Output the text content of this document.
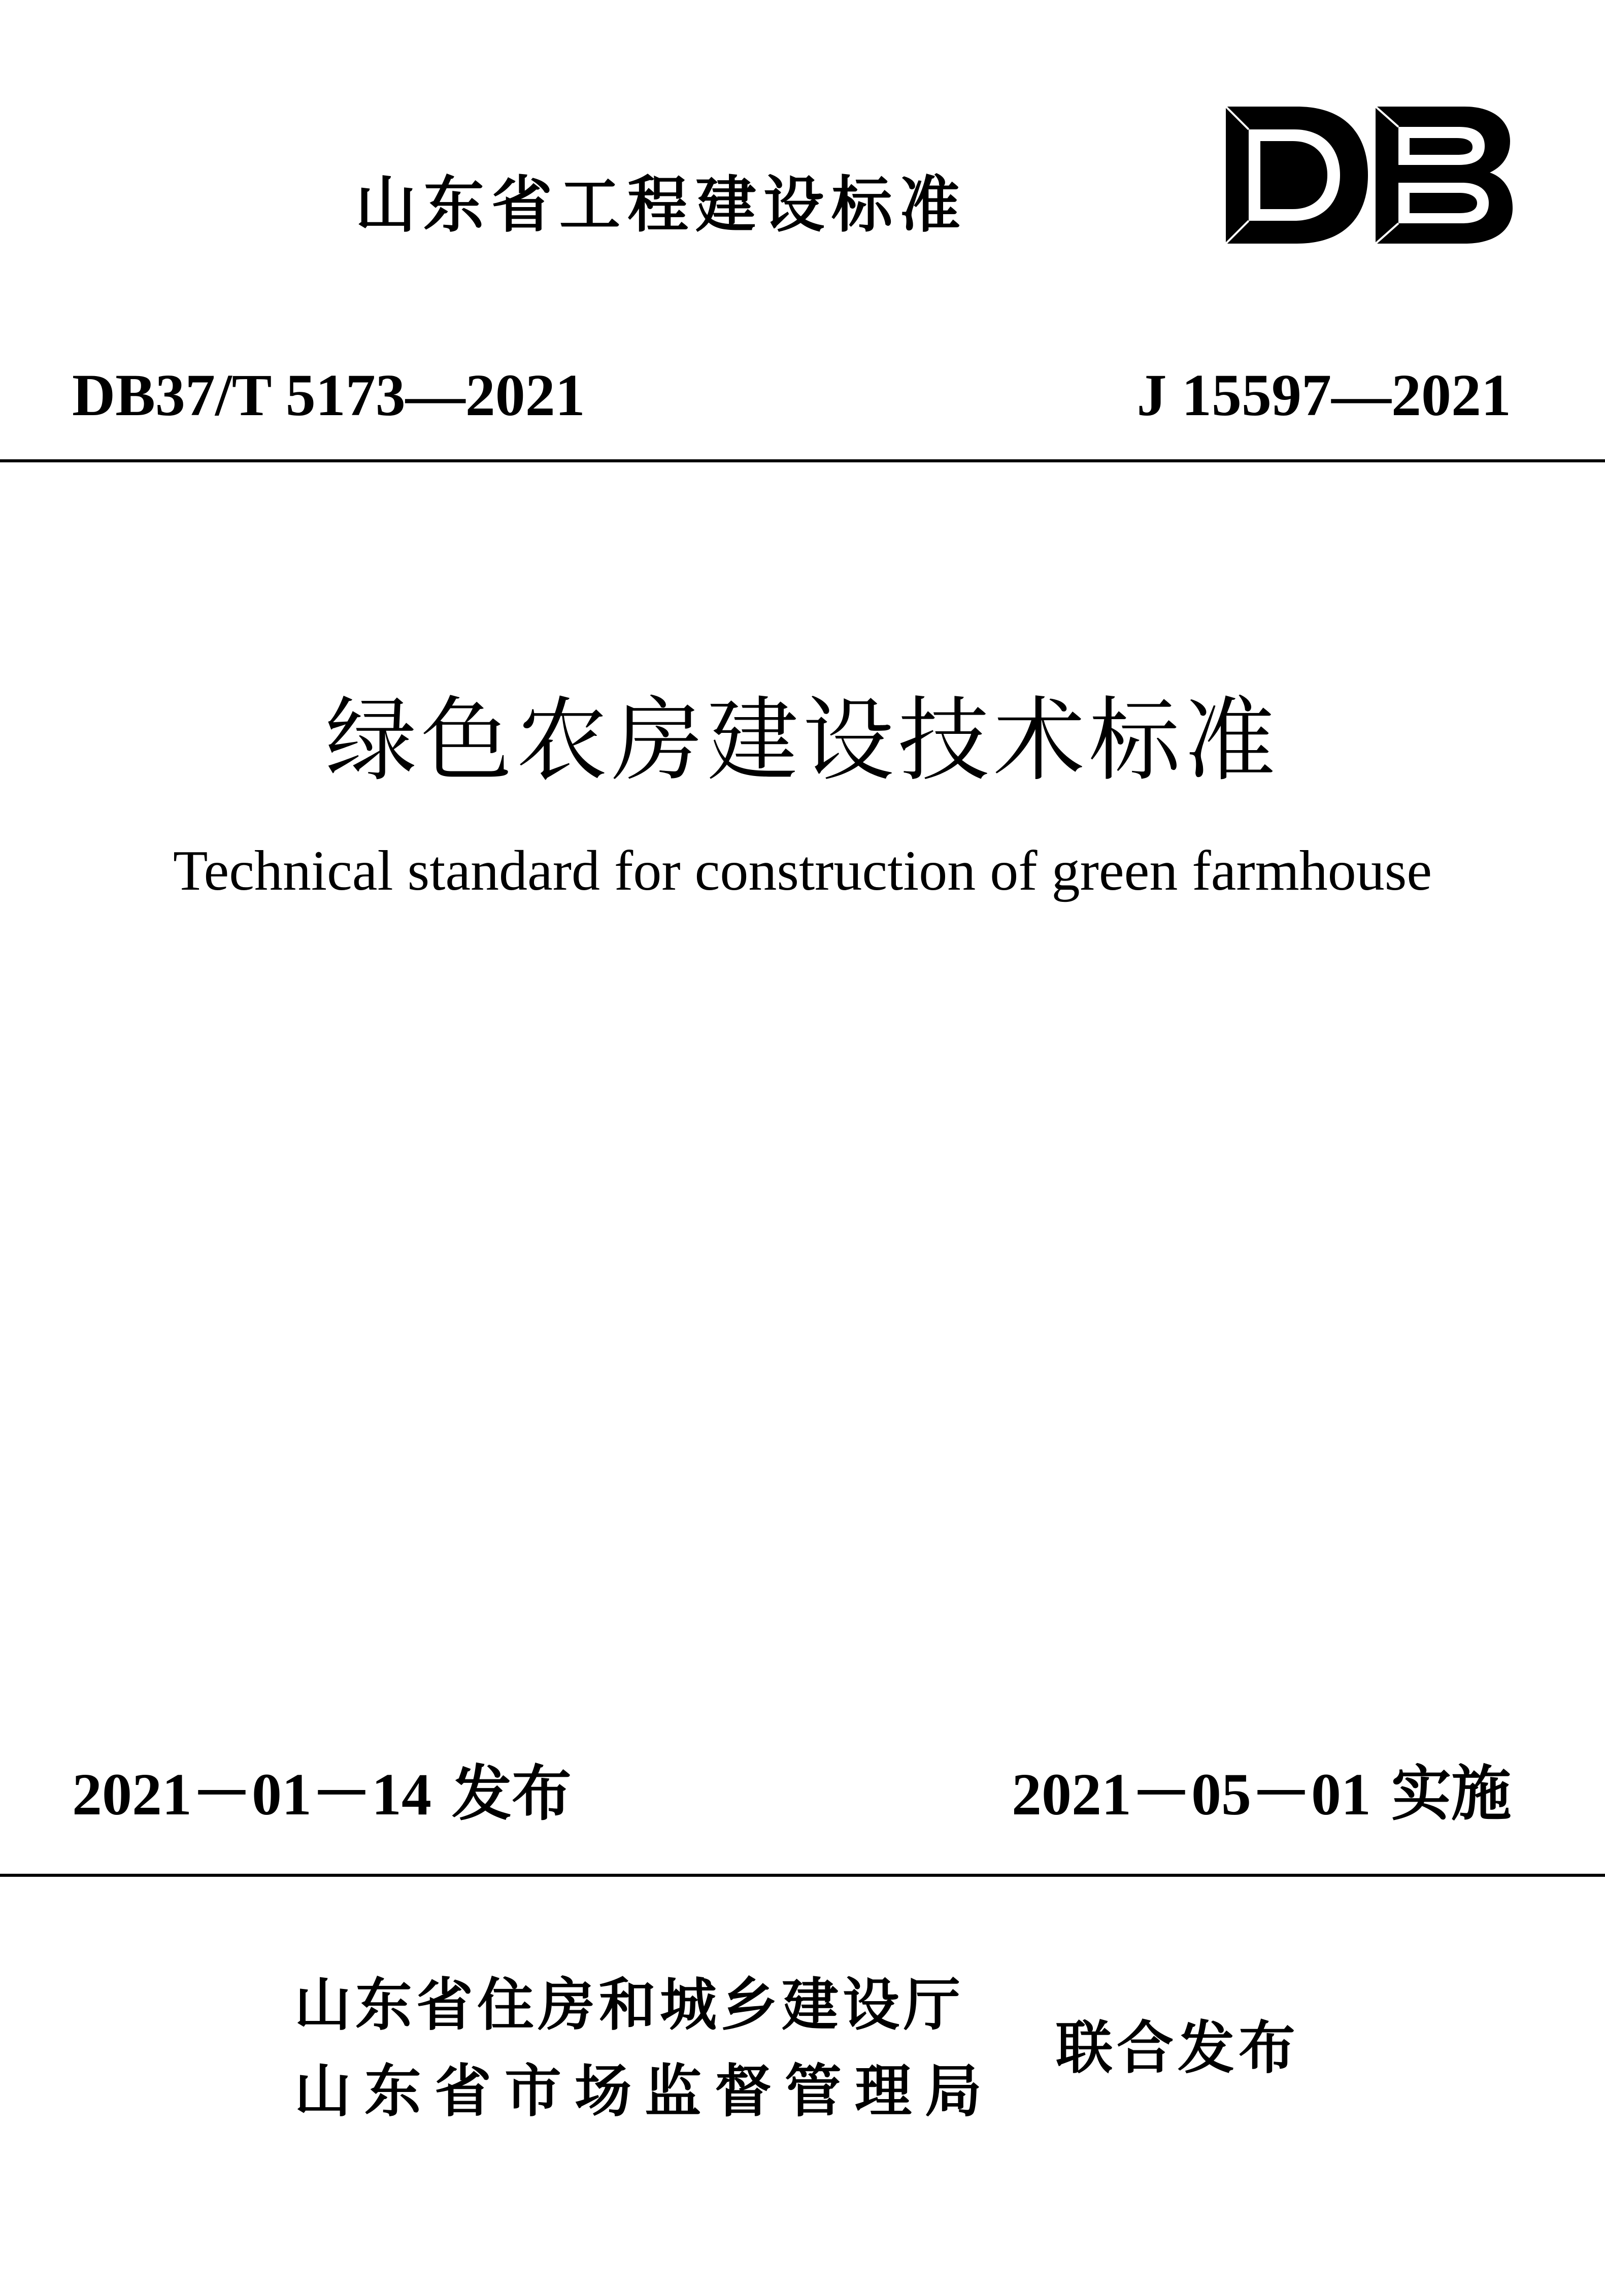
山东省工程建设标准
DB37/T 5173—2021	J 15597—2021
绿色农房建设技术标准
Technical standard for construction of green farmhouse
2021－01－14 发布	2021－05－01 实施
山东省住房和城乡建设厅
山东省市场监督管理局
联合发布
